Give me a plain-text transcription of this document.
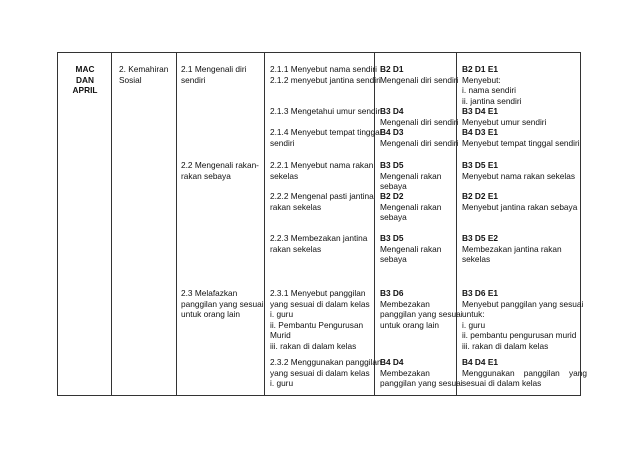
MAC
DAN
APRIL
2. Kemahiran
Sosial
2.1 Mengenali diri
sendiri
2.2 Mengenali rakan-
rakan sebaya
2.3 Melafazkan
panggilan yang sesuai
untuk orang lain
2.1.1 Menyebut nama sendiri
2.1.2 menyebut jantina sendiri
2.1.3 Mengetahui umur sendiri
2.1.4 Menyebut tempat tinggal
sendiri
2.2.1 Menyebut nama rakan
sekelas
2.2.2 Mengenal pasti jantina
rakan sekelas
2.2.3 Membezakan jantina
rakan sekelas
2.3.1 Menyebut panggilan
yang sesuai di dalam kelas
i. guru
ii. Pembantu Pengurusan
Murid
iii. rakan di dalam kelas
2.3.2 Menggunakan panggilan
yang sesuai di dalam kelas
i. guru
B2 D1
Mengenali diri sendiri
B3 D4
Mengenali diri sendiri
B4 D3
Mengenali diri sendiri
B3 D5
Mengenali rakan
sebaya
B2 D2
Mengenali rakan
sebaya
B3 D5
Mengenali rakan
sebaya
B3 D6
Membezakan
panggilan yang sesuai
untuk orang lain
B4 D4
Membezakan
panggilan yang sesuai
B2 D1 E1
Menyebut:
i. nama sendiri
ii. jantina sendiri
B3 D4 E1
Menyebut umur sendiri
B4 D3 E1
Menyebut tempat tinggal sendiri
B3 D5 E1
Menyebut nama rakan sekelas
B2 D2 E1
Menyebut jantina rakan sebaya
B3 D5 E2
Membezakan jantina rakan
sekelas
B3 D6 E1
Menyebut panggilan yang sesuai
untuk:
i. guru
ii. pembantu pengurusan murid
iii. rakan di dalam kelas
B4 D4 E1
Menggunakan    panggilan    yang
sesuai di dalam kelas
